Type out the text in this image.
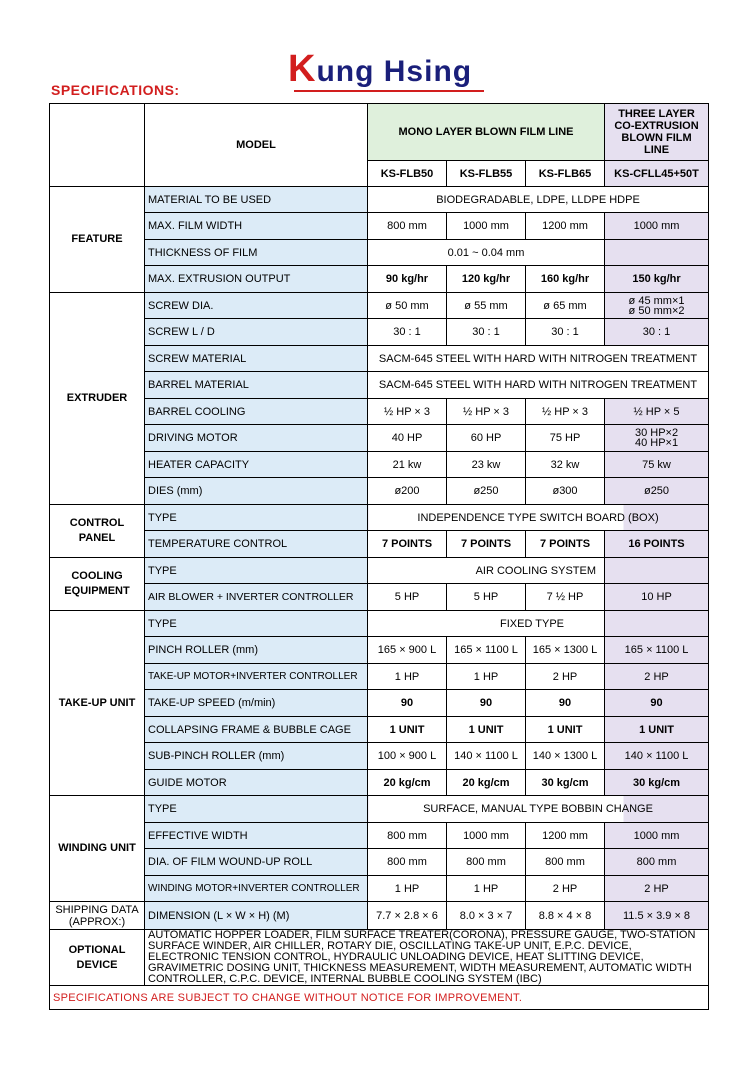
Kung Hsing
SPECIFICATIONS:
	MODEL	MONO LAYER BLOWN FILM LINE			THREE LAYER CO-EXTRUSION BLOWN FILM LINE
		KS-FLB50	KS-FLB55	KS-FLB65	KS-CFLL45+50T
FEATURE	MATERIAL TO BE USED	BIODEGRADABLE, LDPE, LLDPE HDPE			
	MAX. FILM WIDTH	800 mm	1000 mm	1200 mm	1000 mm
	THICKNESS OF FILM	0.01 ~ 0.04 mm			
	MAX. EXTRUSION OUTPUT	90 kg/hr	120 kg/hr	160 kg/hr	150 kg/hr
EXTRUDER	SCREW DIA.	ø 50 mm	ø 55 mm	ø 65 mm	ø 45 mm×1
ø 50 mm×2

	SCREW L / D	30 : 1	30 : 1	30 : 1	30 : 1
	SCREW MATERIAL	SACM-645 STEEL WITH HARD WITH NITROGEN TREATMENT			
	BARREL MATERIAL	SACM-645 STEEL WITH HARD WITH NITROGEN TREATMENT			
	BARREL COOLING	½ HP × 3	½ HP × 3	½ HP × 3	½ HP × 5
	DRIVING MOTOR	40 HP	60 HP	75 HP	30 HP×2
40 HP×1

	HEATER CAPACITY	21 kw	23 kw	32 kw	75 kw
	DIES (mm)	ø200	ø250	ø300	ø250
CONTROL PANEL	TYPE	INDEPENDENCE TYPE SWITCH BOARD (BOX)			
	TEMPERATURE CONTROL	7 POINTS	7 POINTS	7 POINTS	16 POINTS
COOLING EQUIPMENT	TYPE	AIR COOLING SYSTEM			
	AIR BLOWER + INVERTER CONTROLLER	5 HP	5 HP	7 ½ HP	10 HP
TAKE-UP UNIT	TYPE	FIXED TYPE			
	PINCH ROLLER (mm)	165 × 900 L	165 × 1100 L	165 × 1300 L	165 × 1100 L
	TAKE-UP MOTOR+INVERTER CONTROLLER	1 HP	1 HP	2 HP	2 HP
	TAKE-UP SPEED (m/min)	90	90	90	90
	COLLAPSING FRAME & BUBBLE CAGE	1 UNIT	1 UNIT	1 UNIT	1 UNIT
	SUB-PINCH ROLLER (mm)	100 × 900 L	140 × 1100 L	140 × 1300 L	140 × 1100 L
	GUIDE MOTOR	20 kg/cm	20 kg/cm	30 kg/cm	30 kg/cm
WINDING UNIT	TYPE	SURFACE, MANUAL TYPE BOBBIN CHANGE			
	EFFECTIVE WIDTH	800 mm	1000 mm	1200 mm	1000 mm
	DIA. OF FILM WOUND-UP ROLL	800 mm	800 mm	800 mm	800 mm
	WINDING MOTOR+INVERTER CONTROLLER	1 HP	1 HP	2 HP	2 HP
SHIPPING DATA (APPROX:)	DIMENSION (L × W × H) (M)	7.7 × 2.8 × 6	8.0 × 3 × 7	8.8 × 4 × 8	11.5 × 3.9 × 8
OPTIONAL DEVICE	AUTOMATIC HOPPER LOADER, FILM SURFACE TREATER(CORONA), PRESSURE GAUGE, TWO-STATION SURFACE WINDER, AIR CHILLER, ROTARY DIE, OSCILLATING TAKE-UP UNIT, E.P.C. DEVICE, ELECTRONIC TENSION CONTROL, HYDRAULIC UNLOADING DEVICE, HEAT SLITTING DEVICE, GRAVIMETRIC DOSING UNIT, THICKNESS MEASUREMENT, WIDTH MEASUREMENT, AUTOMATIC WIDTH CONTROLLER, C.P.C. DEVICE, INTERNAL BUBBLE COOLING SYSTEM (IBC)				
SPECIFICATIONS ARE SUBJECT TO CHANGE WITHOUT NOTICE FOR IMPROVEMENT.					
